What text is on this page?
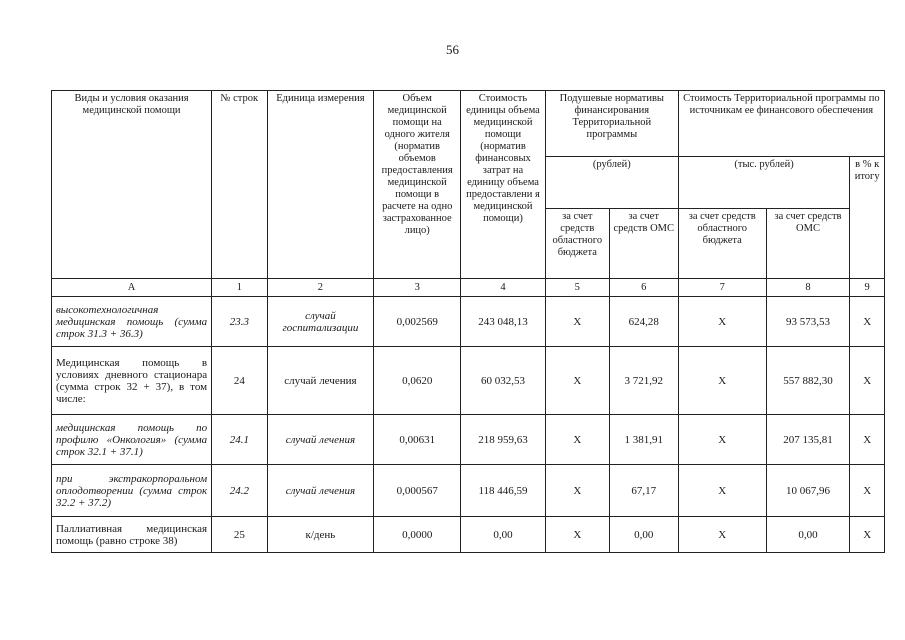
56
Виды и условия оказания медицинской помощи	№ строк	Единица измерения	Объем медицинской помощи на одного жителя (норматив объемов предоставления медицинской помощи в расчете на одно застрахованное лицо)	Стоимость единицы объема медицинской помощи (норматив финансовых затрат на единицу объема предоставлени я медицинской помощи)	Подушевые нормативы финансирования Территориальной программы		Стоимость Территориальной программы по источникам ее финансового обеспечения		
					(рублей)		(тыс. рублей)		в % к итогу
					за счет средств областного бюджета	за счет средств ОМС	за счет средств областного бюджета	за счет средств ОМС	
А	1	2	3	4	5	6	7	8	9
высокотехнологичная медицинская помощь (сумма строк 31.3 + 36.3)	23.3	случай госпитализации	0,002569	243 048,13	X	624,28	X	93 573,53	X
Медицинская помощь в условиях дневного стационара (сумма строк 32 + 37), в том числе:	24	случай лечения	0,0620	60 032,53	X	3 721,92	X	557 882,30	X
медицинская помощь по профилю «Онкология» (сумма строк 32.1 + 37.1)	24.1	случай лечения	0,00631	218 959,63	X	1 381,91	X	207 135,81	X
при экстракорпоральном оплодотворении (сумма строк 32.2 + 37.2)	24.2	случай лечения	0,000567	118 446,59	X	67,17	X	10 067,96	X
Паллиативная медицинская помощь (равно строке 38)	25	к/день	0,0000	0,00	X	0,00	X	0,00	X
